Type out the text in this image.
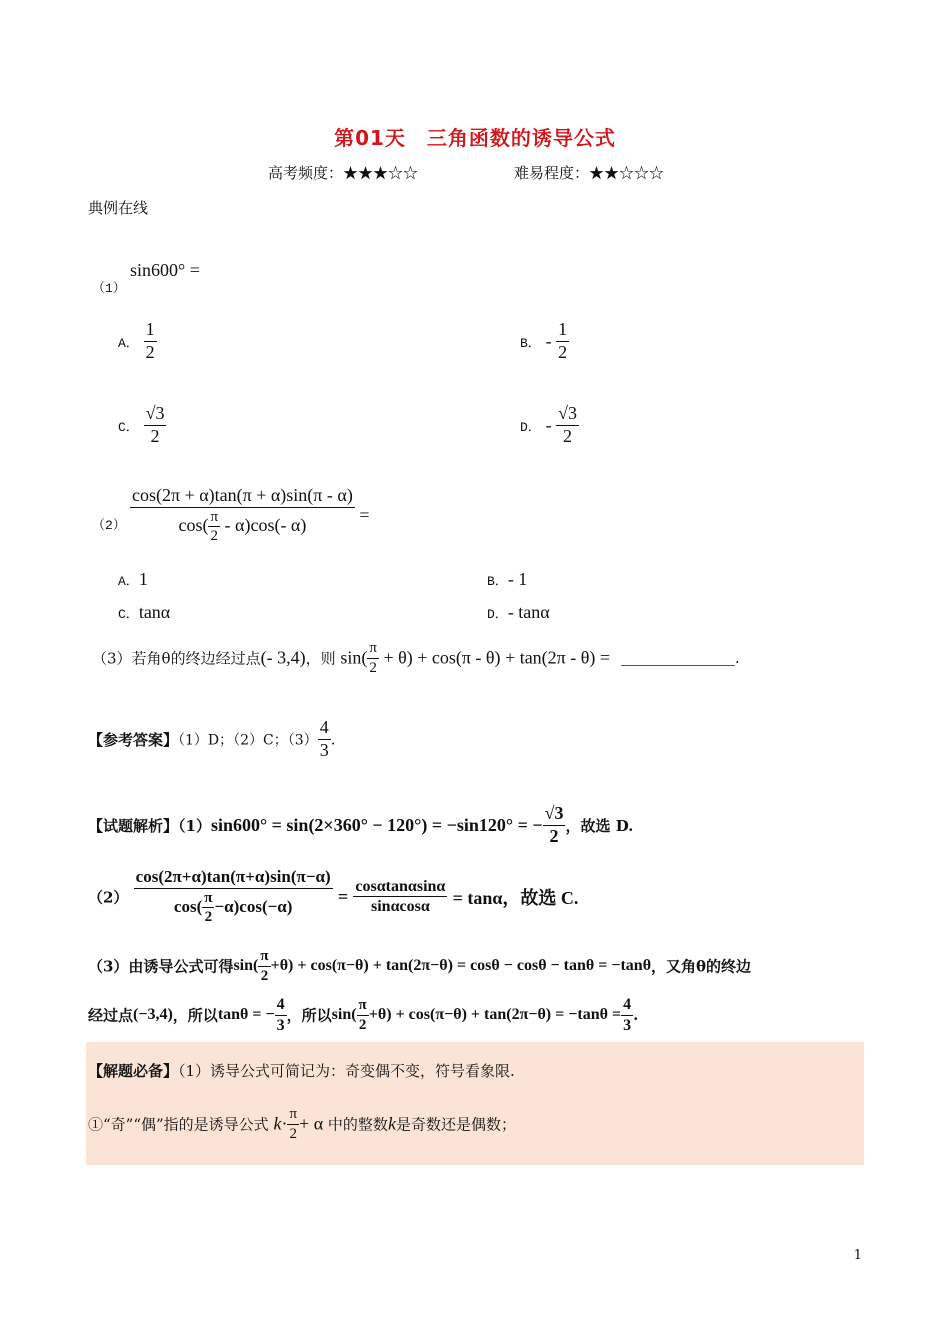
第01天　三角函数的诱导公式
高考频度：★★★☆☆	难易程度：★★☆☆☆
典例在线
（1）
sin600° =
A． $\frac{1}{2}$	B． - $\frac{1}{2}$
C． $\frac{√3}{2}$	D． - $\frac{√3}{2}$
$(2) \frac{\cos(2\pi + \alpha)\tan(\pi + \alpha)\sin(\pi - \alpha)}{\cos( \frac{\pi}{2} - \alpha)\cos(- \alpha)}$ =
A．1	B．- 1
C．tanα	D．- tanα
（3）若角θ的终边经过点(- 3,4)，则 $\sin( \frac{\pi}{2} + \theta) + \cos(\pi - \theta) + \tan(2\pi - \theta)$ =	.
【参考答案】（1）D；（2）C；$(3) \frac{4}{3}$ .
【试题解析】（1）sin600° = sin(2×360° − 120°) = −sin120° = − $\frac{√3}{2}$ ，故选 D.
$(2) \frac{\cos(2\pi+\alpha)\tan(\pi+\alpha)\sin(\pi-\alpha)}{\cos( \frac{\pi}{2} -\alpha)\cos(-\alpha)} = \frac{\cos\alpha\tan\alpha\sin\alpha}{\sin\alpha\cos\alpha} = \tan\alpha$，故选 C.
（3）由诱导公式可得$\sin( \frac{\pi}{2} +\theta) + \cos(\pi-\theta) + \tan(2\pi-\theta) = \cos\theta - \cos\theta - \tan\theta = -\tan\theta$，又角θ的终边
经过点(−3,4)，所以tanθ = − $\frac{4}{3}$ ，所以$\sin( \frac{\pi}{2} +\theta) + \cos(\pi-\theta) + \tan(2\pi-\theta) = -\tan\theta = \frac{4}{3}$ .
【解题必备】（1）诱导公式可简记为：奇变偶不变，符号看象限.
①“奇”“偶”指的是诱导公式 $k\cdot \frac{\pi}{2} + \alpha$ 中的整数k是奇数还是偶数；
1
